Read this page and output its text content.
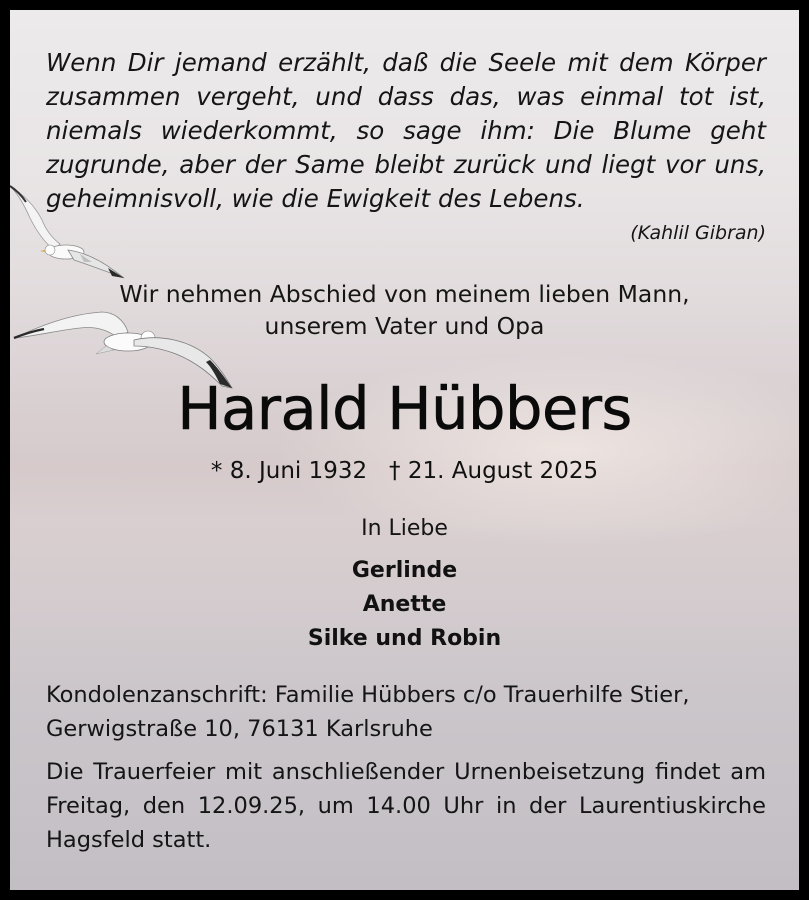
Wenn Dir jemand erzählt, daß die Seele mit dem Körper zusammen vergeht, und dass das, was einmal tot ist, niemals wiederkommt, so sage ihm: Die Blume geht zugrunde, aber der Same bleibt zurück und liegt vor uns, geheimnisvoll, wie die Ewigkeit des Lebens.
(Kahlil Gibran)
Wir nehmen Abschied von meinem lieben Mann,
unserem Vater und Opa
Harald Hübbers
* 8. Juni 1932   † 21. August 2025
In Liebe
Gerlinde
Anette
Silke und Robin
Kondolenzanschrift: Familie Hübbers c/o Trauerhilfe Stier,
Gerwigstraße 10, 76131 Karlsruhe
Die Trauerfeier mit anschließender Urnenbeisetzung findet am Freitag, den 12.09.25, um 14.00 Uhr in der Laurentiuskirche Hagsfeld statt.
